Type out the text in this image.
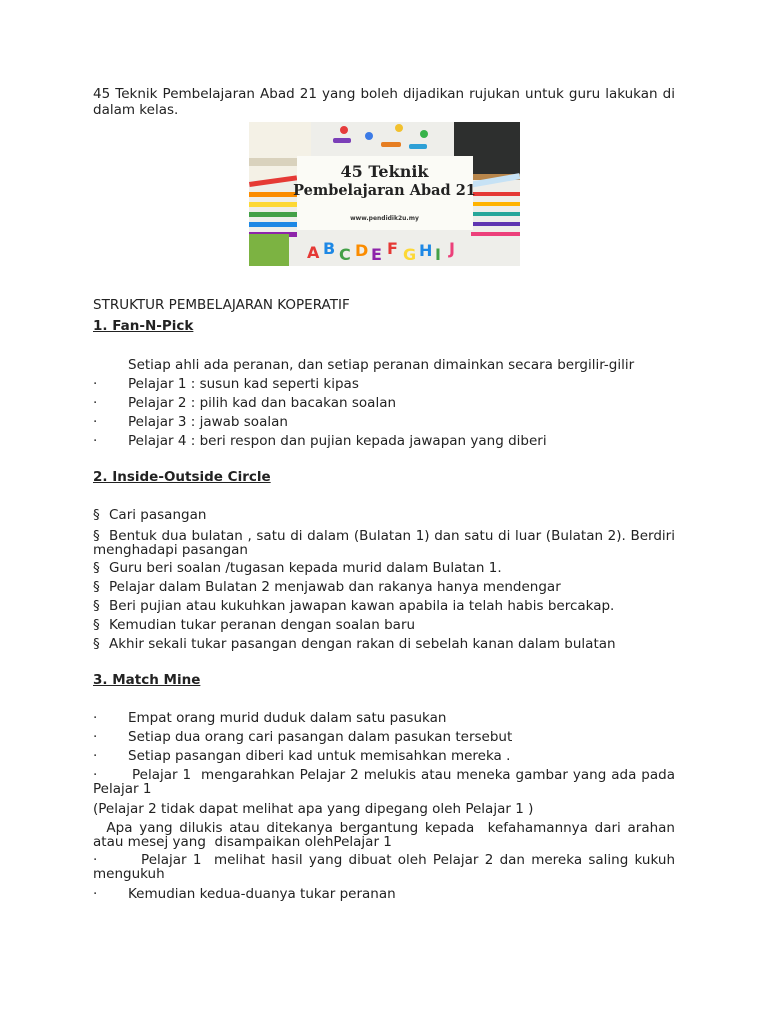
45 Teknik Pembelajaran Abad 21 yang boleh dijadikan rujukan untuk guru lakukan di dalam kelas.

A B C D E F G H I J
45 Teknik
Pembelajaran Abad 21
www.pendidik2u.my
STRUKTUR PEMBELAJARAN KOPERATIF
1. Fan-N-Pick

Setiap ahli ada peranan, dan setiap peranan dimainkan secara bergilir-gilir

·	Pelajar 1 : susun kad seperti kipas
·	Pelajar 2 : pilih kad dan bacakan soalan
·	Pelajar 3 : jawab soalan
·	Pelajar 4 : beri respon dan pujian kepada jawapan yang diberi
2. Inside-Outside Circle
§ Cari pasangan
§ Bentuk dua bulatan , satu di dalam (Bulatan 1) dan satu di luar (Bulatan 2). Berdiri menghadapi pasangan
§ Guru beri soalan /tugasan kepada murid dalam Bulatan 1.
§ Pelajar dalam Bulatan 2 menjawab dan rakanya hanya mendengar
§ Beri pujian atau kukuhkan jawapan kawan apabila ia telah habis bercakap.
§ Kemudian tukar peranan dengan soalan baru
§ Akhir sekali tukar pasangan dengan rakan di sebelah kanan dalam bulatan
3. Match Mine
·	Empat orang murid duduk dalam satu pasukan
·	Setiap dua orang cari pasangan dalam pasukan tersebut
·	Setiap pasangan diberi kad untuk memisahkan mereka .

·       Pelajar 1  mengarahkan Pelajar 2 melukis atau meneka gambar yang ada pada Pelajar 1

(Pelajar 2 tidak dapat melihat apa yang dipegang oleh Pelajar 1 )

Apa yang dilukis atau ditekanya bergantung kepada  kefahamannya dari arahan atau mesej yang  disampaikan olehPelajar 1

·       Pelajar 1  melihat hasil yang dibuat oleh Pelajar 2 dan mereka saling kukuh mengukuh

·	Kemudian kedua-duanya tukar peranan
